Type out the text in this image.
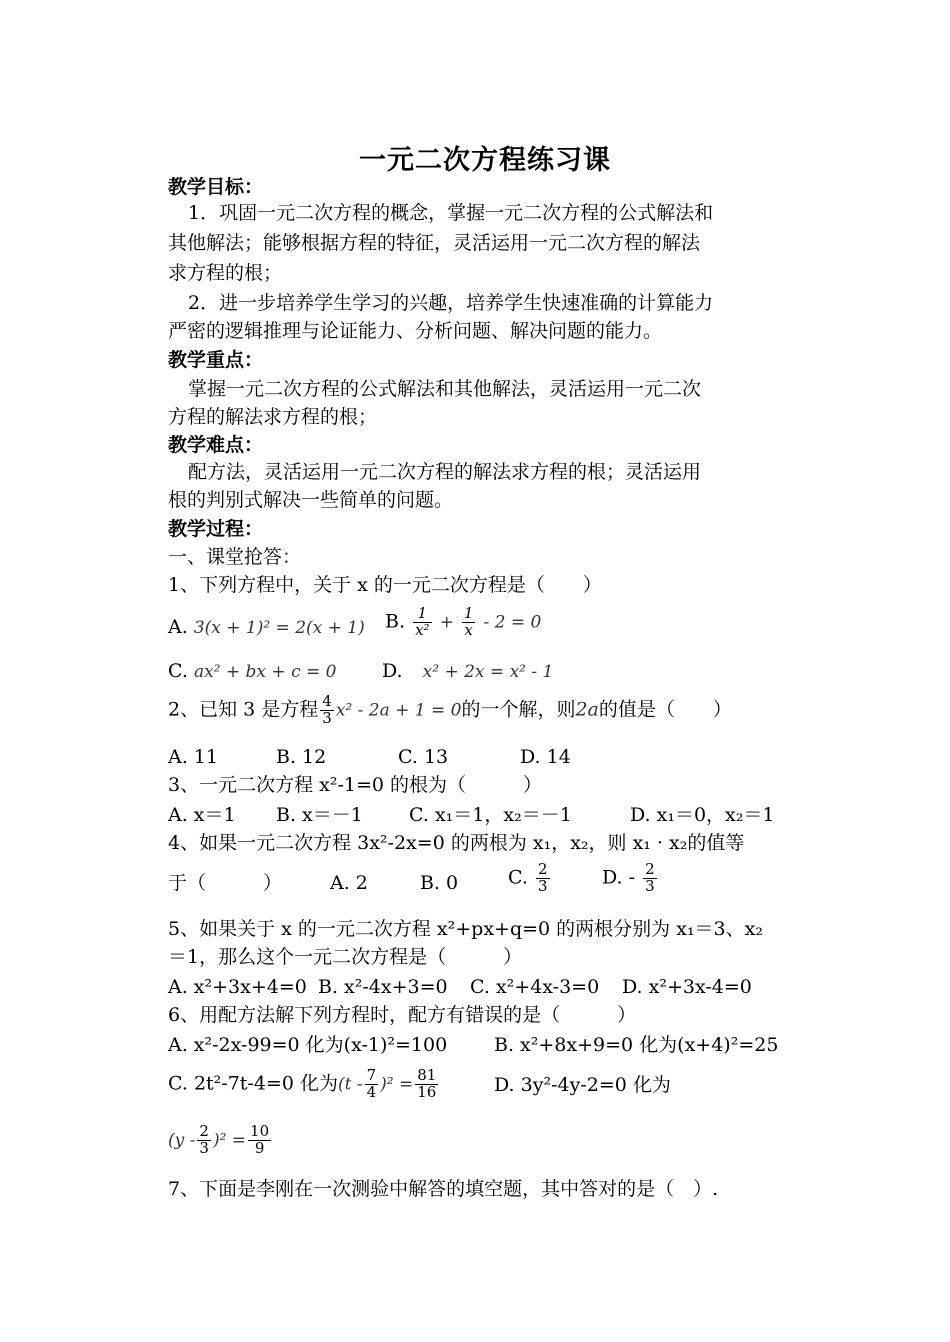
一元二次方程练习课
教学目标：
1．巩固一元二次方程的概念，掌握一元二次方程的公式解法和
其他解法；能够根据方程的特征，灵活运用一元二次方程的解法
求方程的根；
2．进一步培养学生学习的兴趣，培养学生快速准确的计算能力
严密的逻辑推理与论证能力、分析问题、解决问题的能力。
教学重点：
掌握一元二次方程的公式解法和其他解法，灵活运用一元二次
方程的解法求方程的根；
教学难点：
配方法，灵活运用一元二次方程的解法求方程的根；灵活运用
根的判别式解决一些简单的问题。
教学过程：
一、课堂抢答：
1、下列方程中，关于 x 的一元二次方程是（　　）
A. 3(x + 1)² = 2(x + 1) B. $\frac{1}{\text{x²}} + \frac{1}{x} - 2 = 0$
C. ax² + bx + c = 0 D. x² + 2x = x² - 1
2、已知 3 是方程 $\frac{4}{3} x^2 - 2a + 1 = 0$的一个解，则2a的值是（　　）
A. 11	B. 12	C. 13	D. 14
3、一元二次方程 x²-1=0 的根为（　　　）
A. x＝1 B. x＝－1 C. x₁＝1，x₂＝－1	D. x₁＝0，x₂＝1
4、如果一元二次方程 3x²-2x=0 的两根为 x₁，x₂，则 x₁ · x₂的值等
于（　　　）	A. 2	B. 0	C. $\frac{2}{3}$	D. - $\frac{2}{3}$
5、如果关于 x 的一元二次方程 x²+px+q=0 的两根分别为 x₁＝3、x₂
＝1，那么这个一元二次方程是（　　　）
A. x²+3x+4=0 B. x²-4x+3=0 C. x²+4x-3=0 D. x²+3x-4=0
6、用配方法解下列方程时，配方有错误的是（　　　）
A. x²-2x-99=0 化为(x-1)²=100 B. x²+8x+9=0 化为(x+4)²=25
C. 2t²-7t-4=0 化为$(t - \frac{7}{4} )^2 = \frac{81}{16}$	D. 3y²-4y-2=0 化为
$(y - \frac{2}{3} )^2 = \frac{10}{9}$
7、下面是李刚在一次测验中解答的填空题，其中答对的是（　）.
